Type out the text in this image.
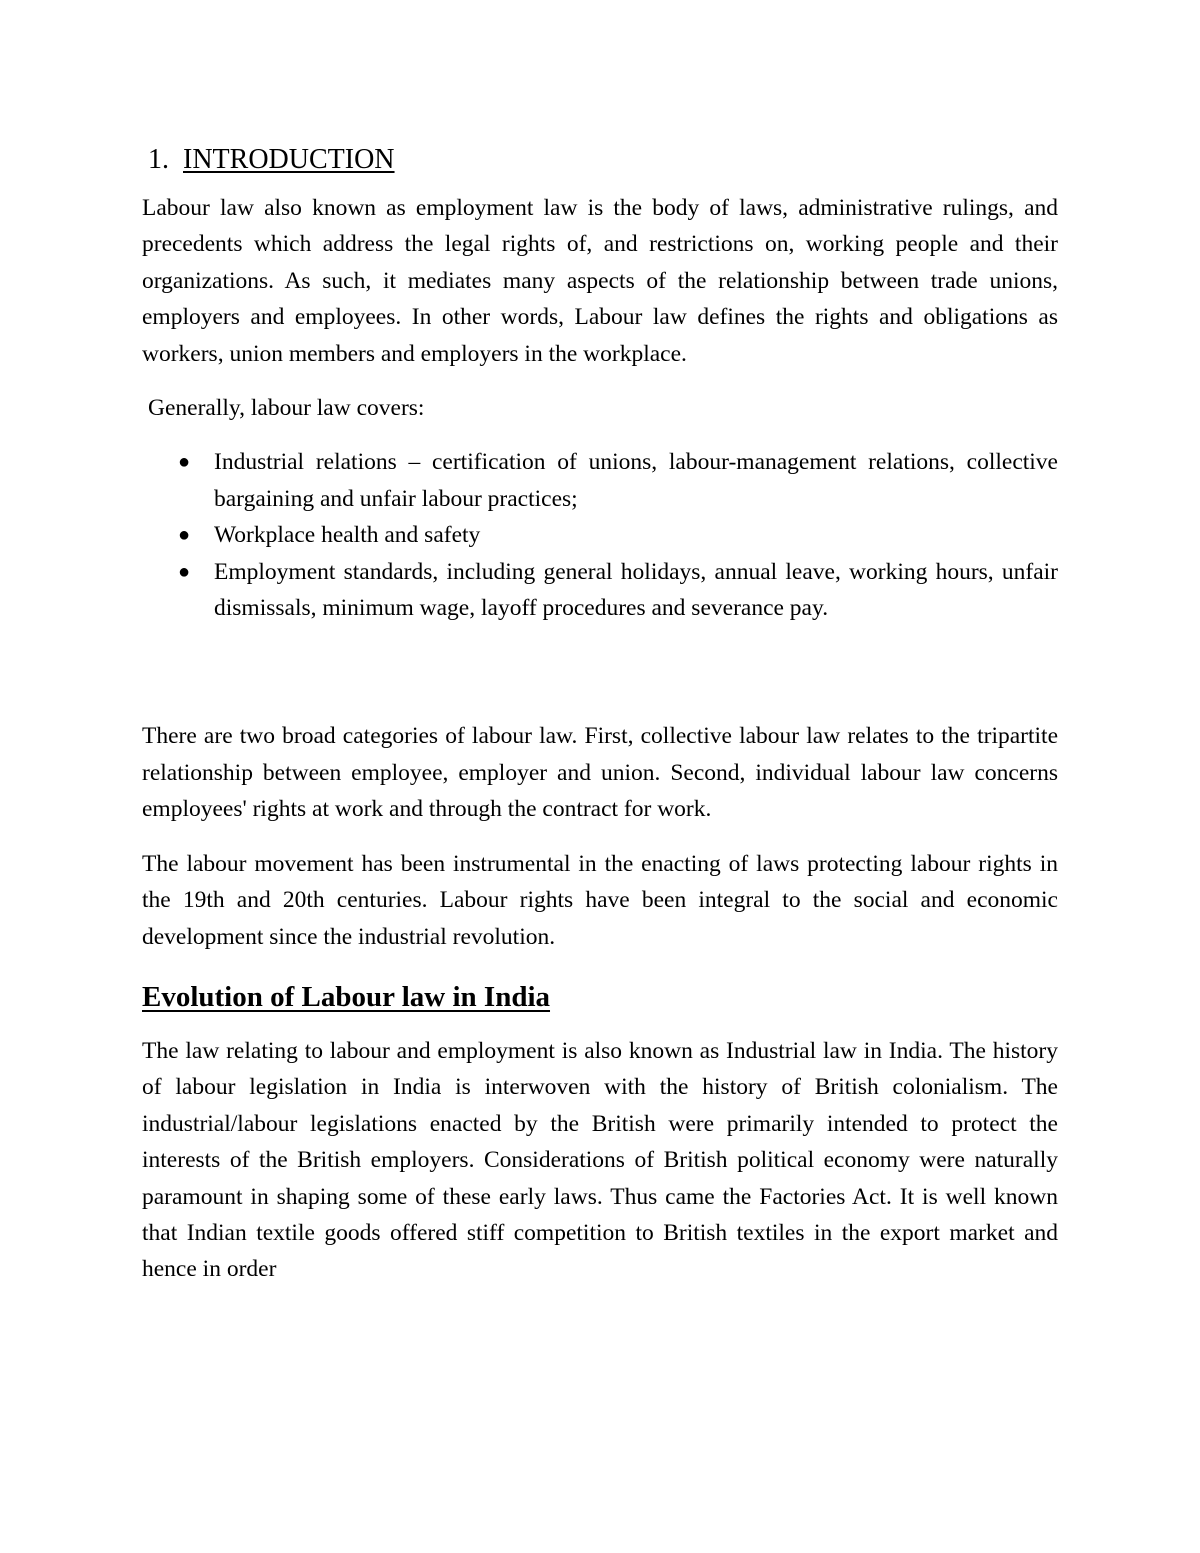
1. INTRODUCTION

Labour law also known as employment law is the body of laws, administrative rulings, and precedents which address the legal rights of, and restrictions on, working people and their organizations. As such, it mediates many aspects of the relationship between trade unions, employers and employees. In other words, Labour law defines the rights and obligations as workers, union members and employers in the workplace.

Generally, labour law covers:

● Industrial relations – certification of unions, labour-management relations, collective bargaining and unfair labour practices;
● Workplace health and safety
● Employment standards, including general holidays, annual leave, working hours, unfair dismissals, minimum wage, layoff procedures and severance pay.

There are two broad categories of labour law. First, collective labour law relates to the tripartite relationship between employee, employer and union. Second, individual labour law concerns employees' rights at work and through the contract for work.

The labour movement has been instrumental in the enacting of laws protecting labour rights in the 19th and 20th centuries. Labour rights have been integral to the social and economic development since the industrial revolution.

Evolution of Labour law in India

The law relating to labour and employment is also known as Industrial law in India. The history of labour legislation in India is interwoven with the history of British colonialism. The industrial/labour legislations enacted by the British were primarily intended to protect the interests of the British employers. Considerations of British political economy were naturally paramount in shaping some of these early laws. Thus came the Factories Act. It is well known that Indian textile goods offered stiff competition to British textiles in the export market and hence in order
